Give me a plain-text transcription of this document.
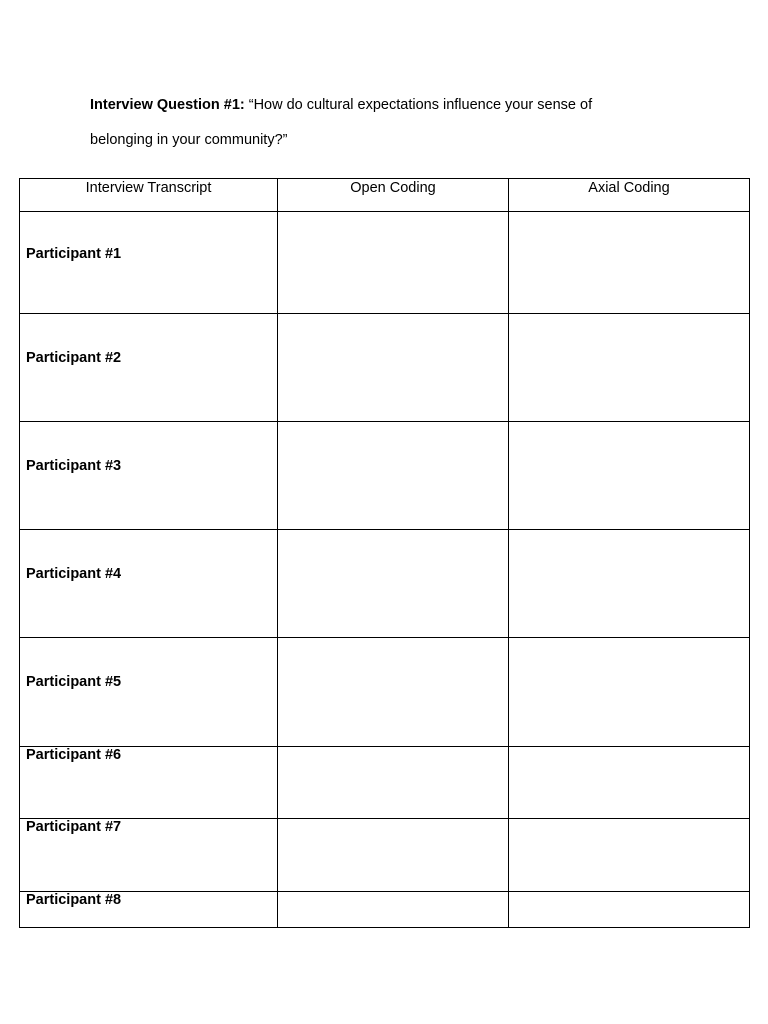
Interview Question #1: “How do cultural expectations influence your sense of belonging in your community?”
Interview Transcript	Open Coding	Axial Coding

Participant #1		

Participant #2		

Participant #3		

Participant #4		

Participant #5		

Participant #6		

Participant #7		

Participant #8		
